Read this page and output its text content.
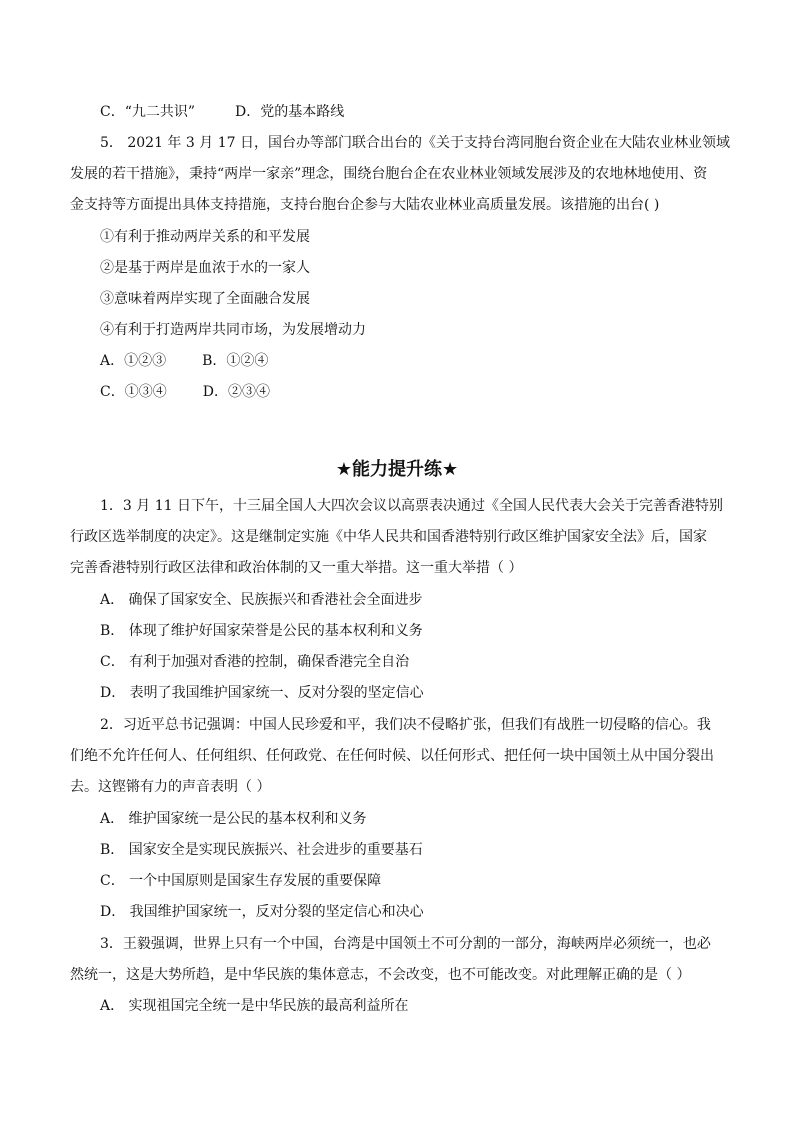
C．“九二共识”	D．党的基本路线
5． 2021 年 3 月 17 日，国台办等部门联合出台的《关于支持台湾同胞台资企业在大陆农业林业领域
发展的若干措施》，秉持“两岸一家亲”理念，围绕台胞台企在农业林业领域发展涉及的农地林地使用、资
金支持等方面提出具体支持措施，支持台胞台企参与大陆农业林业高质量发展。该措施的出台( )
①有利于推动两岸关系的和平发展
②是基于两岸是血浓于水的一家人
③意味着两岸实现了全面融合发展
④有利于打造两岸共同市场，为发展增动力
A．①②③	B．①②④
C．①③④	D．②③④
★能力提升练★
1．3 月 11 日下午，十三届全国人大四次会议以高票表决通过《全国人民代表大会关于完善香港特别
行政区选举制度的决定》。这是继制定实施《中华人民共和国香港特别行政区维护国家安全法》后，国家
完善香港特别行政区法律和政治体制的又一重大举措。这一重大举措（ ）
A． 确保了国家安全、民族振兴和香港社会全面进步
B． 体现了维护好国家荣誉是公民的基本权利和义务
C． 有利于加强对香港的控制，确保香港完全自治
D． 表明了我国维护国家统一、反对分裂的坚定信心
2．习近平总书记强调：中国人民珍爱和平，我们决不侵略扩张，但我们有战胜一切侵略的信心。我
们绝不允许任何人、任何组织、任何政党、在任何时候、以任何形式、把任何一块中国领土从中国分裂出
去。这铿锵有力的声音表明（ ）
A． 维护国家统一是公民的基本权利和义务
B． 国家安全是实现民族振兴、社会进步的重要基石
C． 一个中国原则是国家生存发展的重要保障
D． 我国维护国家统一，反对分裂的坚定信心和决心
3．王毅强调，世界上只有一个中国，台湾是中国领土不可分割的一部分，海峡两岸必须统一，也必
然统一，这是大势所趋，是中华民族的集体意志，不会改变，也不可能改变。对此理解正确的是（ ）
A． 实现祖国完全统一是中华民族的最高利益所在
